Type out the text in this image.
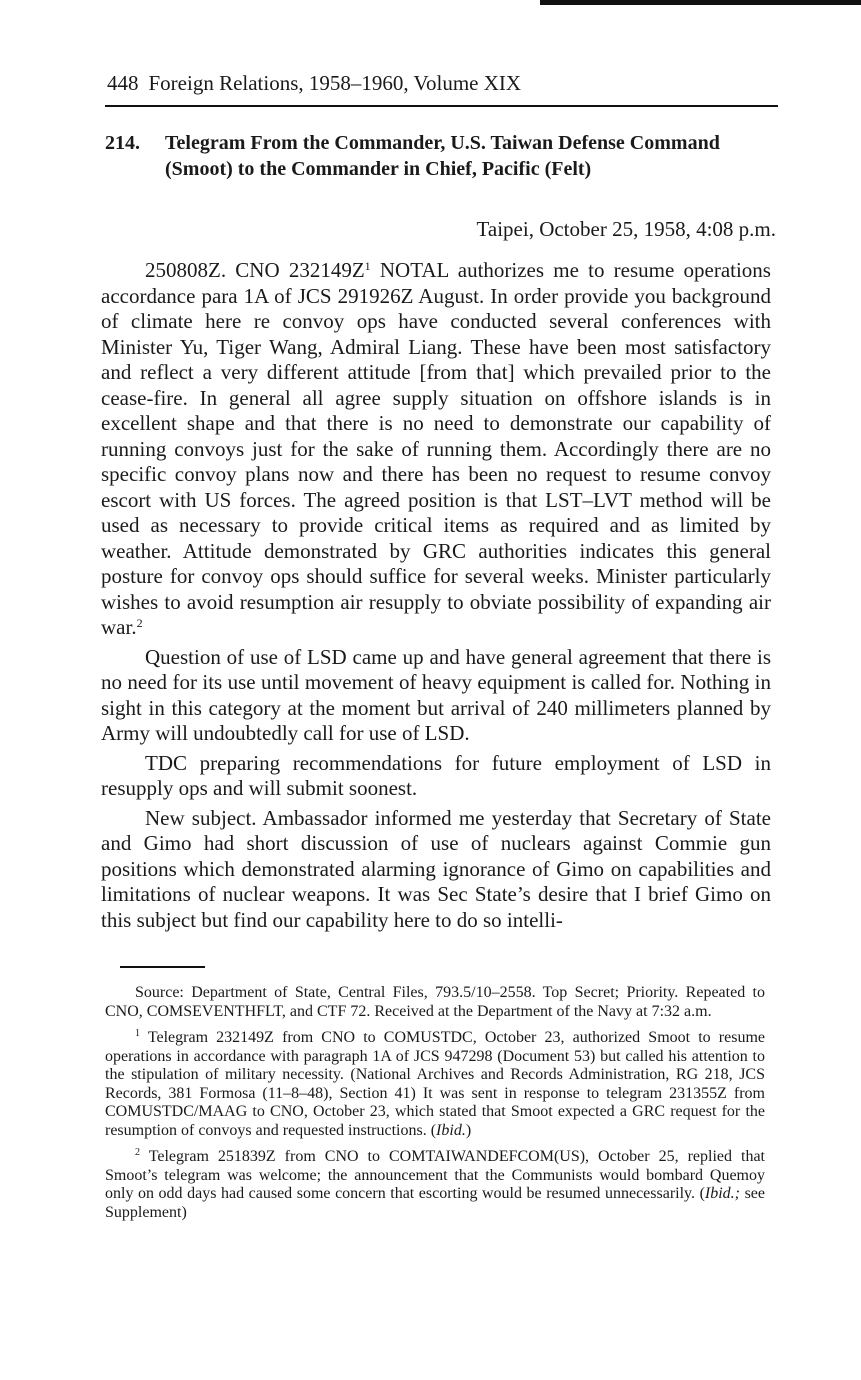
448 Foreign Relations, 1958–1960, Volume XIX
214. Telegram From the Commander, U.S. Taiwan Defense Command (Smoot) to the Commander in Chief, Pacific (Felt)
Taipei, October 25, 1958, 4:08 p.m.

250808Z. CNO $232149Z^1$ NOTAL authorizes me to resume operations accordance para 1A of JCS 291926Z August. In order provide you background of climate here re convoy ops have conducted several conferences with Minister Yu, Tiger Wang, Admiral Liang. These have been most satisfactory and reflect a very different attitude [from that] which prevailed prior to the cease-fire. In general all agree supply situation on offshore islands is in excellent shape and that there is no need to demonstrate our capability of running convoys just for the sake of running them. Accordingly there are no specific convoy plans now and there has been no request to resume convoy escort with US forces. The agreed position is that LST–LVT method will be used as necessary to provide critical items as required and as limited by weather. Attitude demonstrated by GRC authorities indicates this general posture for convoy ops should suffice for several weeks. Minister particularly wishes to avoid resumption air resupply to obviate possibility of expanding air war.$^2$

Question of use of LSD came up and have general agreement that there is no need for its use until movement of heavy equipment is called for. Nothing in sight in this category at the moment but arrival of 240 millimeters planned by Army will undoubtedly call for use of LSD.

TDC preparing recommendations for future employment of LSD in resupply ops and will submit soonest.

New subject. Ambassador informed me yesterday that Secretary of State and Gimo had short discussion of use of nuclears against Commie gun positions which demonstrated alarming ignorance of Gimo on capabilities and limitations of nuclear weapons. It was Sec State’s desire that I brief Gimo on this subject but find our capability here to do so intelli-

Source: Department of State, Central Files, 793.5/10–2558. Top Secret; Priority. Repeated to CNO, COMSEVENTHFLT, and CTF 72. Received at the Department of the Navy at 7:32 a.m.

$^1$ Telegram 232149Z from CNO to COMUSTDC, October 23, authorized Smoot to resume operations in accordance with paragraph 1A of JCS 947298 (Document 53) but called his attention to the stipulation of military necessity. (National Archives and Records Administration, RG 218, JCS Records, 381 Formosa (11–8–48), Section 41) It was sent in response to telegram 231355Z from COMUSTDC/MAAG to CNO, October 23, which stated that Smoot expected a GRC request for the resumption of convoys and requested instructions. (Ibid.)

$^2$ Telegram 251839Z from CNO to COMTAIWANDEFCOM(US), October 25, replied that Smoot’s telegram was welcome; the announcement that the Communists would bombard Quemoy only on odd days had caused some concern that escorting would be resumed unnecessarily. (Ibid.; see Supplement)
